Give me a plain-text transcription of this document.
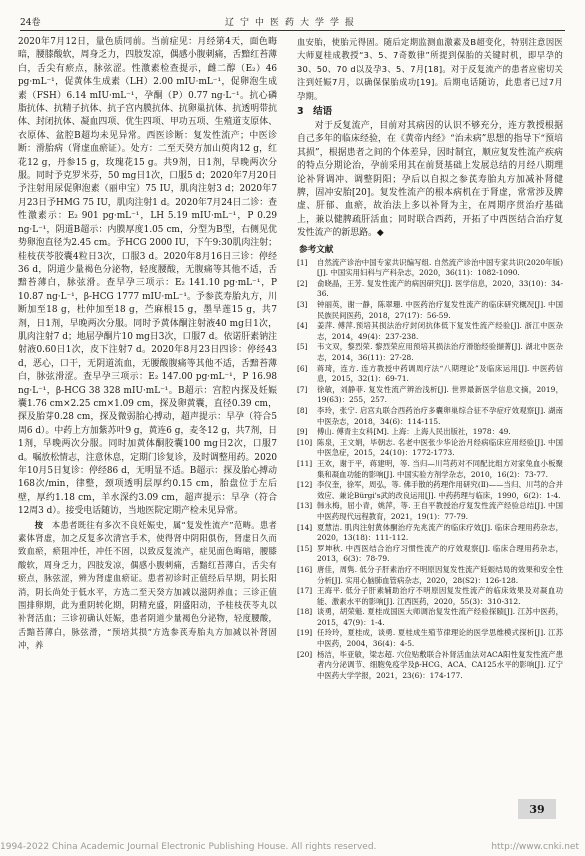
24卷	辽宁中医药大学学报

2020年7月12日，量色质同前。当前症见：月经第4天，面色晦暗，腰膝酸软，周身乏力，四肢发凉，偶感小腹刺痛，舌黯红苔薄白，舌尖有瘀点，脉弦涩。性激素检查提示，雌二醇（E₂）46 pg·mL⁻¹，促黄体生成素（LH）2.00 mIU·mL⁻¹，促卵泡生成素（FSH）6.14 mIU·mL⁻¹，孕酮（P）0.77 ng·L⁻¹。抗心磷脂抗体、抗精子抗体、抗子宫内膜抗体、抗卵巢抗体、抗透明带抗体、封闭抗体、凝血四项、优生四项、甲功五项、生殖道支原体、衣原体、盆腔B超均未见异常。西医诊断：复发性流产；中医诊断：滑胎病（肾虚血瘀证）。处方：二至天癸方加山萸肉12 g，红花12 g，丹参15 g，玫瑰花15 g。共9剂，日1剂，早晚两次分服。同时予克罗米芬，50 mg日1次，口服5 d；2020年7月20日予注射用尿促卵泡素（丽申宝）75 IU，肌肉注射3 d；2020年7月23日予HMG 75 IU，肌肉注射1 d。2020年7月24日二诊：查性激素示：E₂ 901 pg·mL⁻¹，LH 5.19 mIU·mL⁻¹，P 0.29 ng·L⁻¹，阴道B超示：内膜厚度1.05 cm，分型为B型，右侧见优势卵泡直径为2.45 cm。予HCG 2000 IU，下午9:30肌肉注射；桂枝茯苓胶囊4粒日3次，口服3 d。2020年8月16日三诊：停经36 d，阴道少量褐色分泌物，轻度腰酸，无腹痛等其他不适，舌黯苔薄白，脉弦滑。查早孕三项示：E₂ 141.10 pg·mL⁻¹，P 10.87 ng·L⁻¹，β-HCG 1777 mIU·mL⁻¹。予参芪寿胎丸方，川断加至18 g，杜仲加至18 g，苎麻根15 g，墨旱莲15 g，共7剂，日1剂，早晚两次分服。同时予黄体酮注射液40 mg日1次，肌肉注射7 d；地屈孕酮片10 mg日3次，口服7 d。依诺肝素钠注射液0.60日1次，皮下注射7 d。2020年8月23日四诊：停经43 d，恶心，口干，无阴道流血，无腰酸腹痛等其他不适，舌黯苔薄白，脉弦滑涩。查早孕三项示：E₂ 147.00 pg·mL⁻¹，P 16.98 ng·L⁻¹，β-HCG 38 328 mIU·mL⁻¹。B超示：宫腔内探及妊娠囊1.76 cm×2.25 cm×1.09 cm，探及卵黄囊，直径0.39 cm，探及胎芽0.28 cm，探及微弱胎心搏动，超声提示：早孕（符合5周6 d）。中药上方加紫苏叶9 g，黄连6 g，麦冬12 g，共7剂，日1剂，早晚两次分服。同时加黄体酮胶囊100 mg日2次，口服7 d。嘱放松情志，注意休息，定期门诊复诊，及时调整用药。2020年10月5日复诊：停经86 d，无明显不适。B超示：探及胎心搏动168次/min，律整，颈项透明层厚约0.15 cm，胎盘位于左后壁，厚约1.18 cm，羊水深约3.09 cm，超声提示：早孕（符合12周3 d）。接受电话随访，当地医院定期产检未见异常。

按　 本患者既往有多次不良妊娠史，属“复发性流产”范畴。患者素体肾虚，加之反复多次清宫手术，使得肾中阴阳俱伤，肾虚日久而致血瘀，瘀阻冲任，冲任不固，以致反复流产，症见面色晦暗，腰膝酸软，周身乏力，四肢发凉，偶感小腹刺痛，舌黯红苔薄白，舌尖有瘀点，脉弦涩，辨为肾虚血瘀证。患者初诊时正值经后早期，阴长阳消，阴长尚处于低水平，方选二至天癸方加减以滋阴养血；三诊正值围排卵期，此为重阴转化期，阴精充盛，阴盛阳动，予桂枝茯苓丸以补肾活血；三诊初确认妊娠，患者阴道少量褐色分泌物，轻度腰酸，舌黯苔薄白，脉弦滑，“预培其损”方选参芪寿胎丸方加减以补肾固冲，养

血安胎，使胎元得固。随后定期监测血激素及B超变化，特别注意因医大师夏桂成教授“3、5、7奇数律”所提到保胎的关键时机，即早孕的30、50、70 d以及孕3、5、7月[18]。对于反复流产的患者应密切关注到妊娠7月，以确保保胎成功[19]。后期电话随访，此患者已过7月孕期。

3　结语

对于反复流产，目前对其病因的认识不够充分，连方教授根据自己多年的临床经验，在《黄帝内经》“治未病”思想的指导下“预培其损”，根据患者之间的个体差异，因时制宜，顺应复发性流产疾病的特点分期论治，孕前采用其在前贤基础上发展总结的月经八期理论补肾调冲、调整阴阳；孕后以自拟之参芪寿胎丸方加减补肾健脾，固冲安胎[20]。复发性流产的根本病机在于肾虚，常常涉及脾虚、肝郁、血瘀，故治法上多以补肾为主，在周期序贯治疗基础上，兼以健脾疏肝活血；同时联合西药，开拓了中西医结合治疗复发性流产的新思路。◆

参考文献
[1]	自然流产诊治中国专家共识编写组. 自然流产诊治中国专家共识(2020年版)[J]. 中国实用妇科与产科杂志，2020，36(11)：1082-1090.
[2]	俞晓晶，王芳. 复发性流产的病因研究[J]. 医学信息，2020，33(10)：34-36.
[3]	钟丽英，谢一静，陈翠珊. 中医药治疗复发性流产的临床研究概况[J]. 中国民族民间医药，2018，27(17)：56-59.
[4]	姜萍. 傅萍.预培其损法治疗封闭抗体低下复发性流产经验[J]. 浙江中医杂志，2014，49(4)：237-238.
[5]	韦文双，黎烈荣. 黎烈荣应用预培其损法治疗滑胎经验撷菁[J]. 湖北中医杂志，2014，36(11)：27-28.
[6]	蒋琦，连方. 连方教授中药调周疗法“八期理论”及临床运用[J]. 中医药信息，2015，32(1)：69-71.
[7]	徐敏，刘静菲. 复发性流产辨治浅析[J]. 世界最新医学信息文摘，2019，19(63)：255，257.
[8]	李玲，张宁. 启宫丸联合西药治疗多囊卵巢综合征不孕症疗效观察[J]. 湖南中医杂志，2018，34(6)：114-115.
[9]	傅山. 傅青主女科[M]. 上海：上海人民出版社，1978：49.
[10] 陈泉，王文娟，毕朝志. 名老中医张少华论治月经病临床应用经验[J]. 中国中医急症，2015，24(10)：1772-1773.
[11] 王欢，谢于平，蒋建明，等. 当归—川芎药对不同配比组方对家兔血小板聚集和凝血功能的影响[J]. 中国实验方剂学杂志，2010，16(2)：73-77.
[12] 李仪奎，徐军，周弘，等. 佛手散的药理作用研究(Ⅱ)——当归、川芎的合并效应、兼论Bürgi's武的改良运用[J]. 中药药理与临床，1990，6(2)：1-4.
[13] 韩永梅，屈小青，姚萍，等. 王自平教授治疗复发性流产经验总结[J]. 中国中医药现代远程教育，2021，19(1)：77-79.
[14] 夏慧洁. 肌肉注射黄体酮治疗先兆流产的临床疗效[J]. 临床合理用药杂志，2020，13(18)：111-112.
[15] 罗坤秋. 中西医结合治疗习惯性流产的疗效观察[J]. 临床合理用药杂志，2013，6(3)：78-79.
[16] 唐佳，周隽. 低分子肝素治疗不明原因复发性流产妊娠结局的效果和安全性分析[J]. 实用心脑肺血管病杂志，2020，28(S2)：126-128.
[17] 王海平. 低分子肝素辅助治疗不明原因复发性流产的临床效果及对凝血功能、激素水平的影响[J]. 江西医药，2020，55(3)：310-312.
[18] 谈勇，胡荣魁. 夏桂成国医大师调治复发性流产经验探赜[J]. 江苏中医药，2015，47(9)：1-4.
[19] 任玲玲，夏桂成，谈勇. 夏桂成生殖节律理论的医学思维模式探析[J]. 江苏中医药，2004，36(4)：4-5.
[20] 杨洁，毕亚敏，梁志超. 穴位贴敷联合补肾活血法对ACA阳性复发性流产患者内分泌调节、细胞免疫学及β-HCG、ACA、CA125水平的影响[J]. 辽宁中医药大学学报，2021，23(6)：174-177.
39
1994-2022 China Academic Journal Electronic Publishing House. All rights reserved.	http://www.cnki.net
